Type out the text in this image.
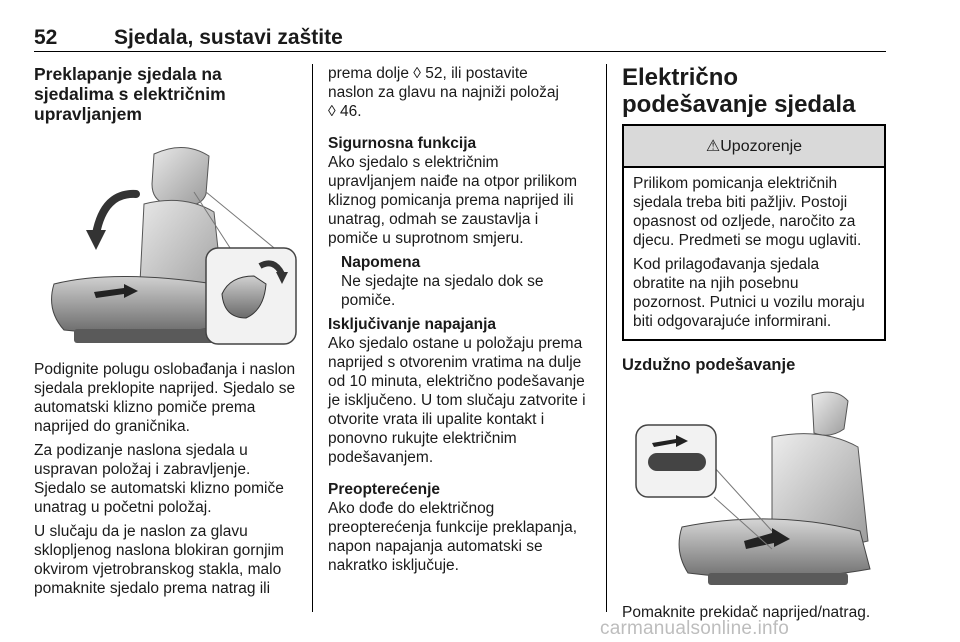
52	Sjedala, sustavi zaštite

Preklapanje sjedala na sjedalima s električnim upravljanjem

Podignite polugu oslobađanja i naslon sjedala preklopite naprijed. Sjedalo se automatski klizno pomiče prema naprijed do graničnika.

Za podizanje naslona sjedala u uspravan položaj i zabravljenje. Sjedalo se automatski klizno pomiče unatrag u početni položaj.

U slučaju da je naslon za glavu sklopljenog naslona blokiran gornjim okvirom vjetrobranskog stakla, malo pomaknite sjedalo prema natrag ili

prema dolje ◊ 52, ili postavite

naslon za glavu na najniži položaj

◊ 46.

Sigurnosna funkcija

Ako sjedalo s električnim upravljanjem naiđe na otpor prilikom kliznog pomicanja prema naprijed ili unatrag, odmah se zaustavlja i pomiče u suprotnom smjeru.

Napomena

Ne sjedajte na sjedalo dok se pomiče.

Isključivanje napajanja

Ako sjedalo ostane u položaju prema naprijed s otvorenim vratima na dulje od 10 minuta, električno podešavanje je isključeno. U tom slučaju zatvorite i otvorite vrata ili upalite kontakt i ponovno rukujte električnim podešavanjem.

Preopterećenje

Ako dođe do električnog preopterećenja funkcije preklapanja, napon napajanja automatski se nakratko isključuje.

Električno podešavanje sjedala

⚠Upozorenje

Prilikom pomicanja električnih sjedala treba biti pažljiv. Postoji opasnost od ozljede, naročito za djecu. Predmeti se mogu uglaviti.

Kod prilagođavanja sjedala obratite na njih posebnu pozornost. Putnici u vozilu moraju biti odgovarajuće informirani.

Uzdužno podešavanje

Pomaknite prekidač naprijed/natrag.

carmanualsonline.info
